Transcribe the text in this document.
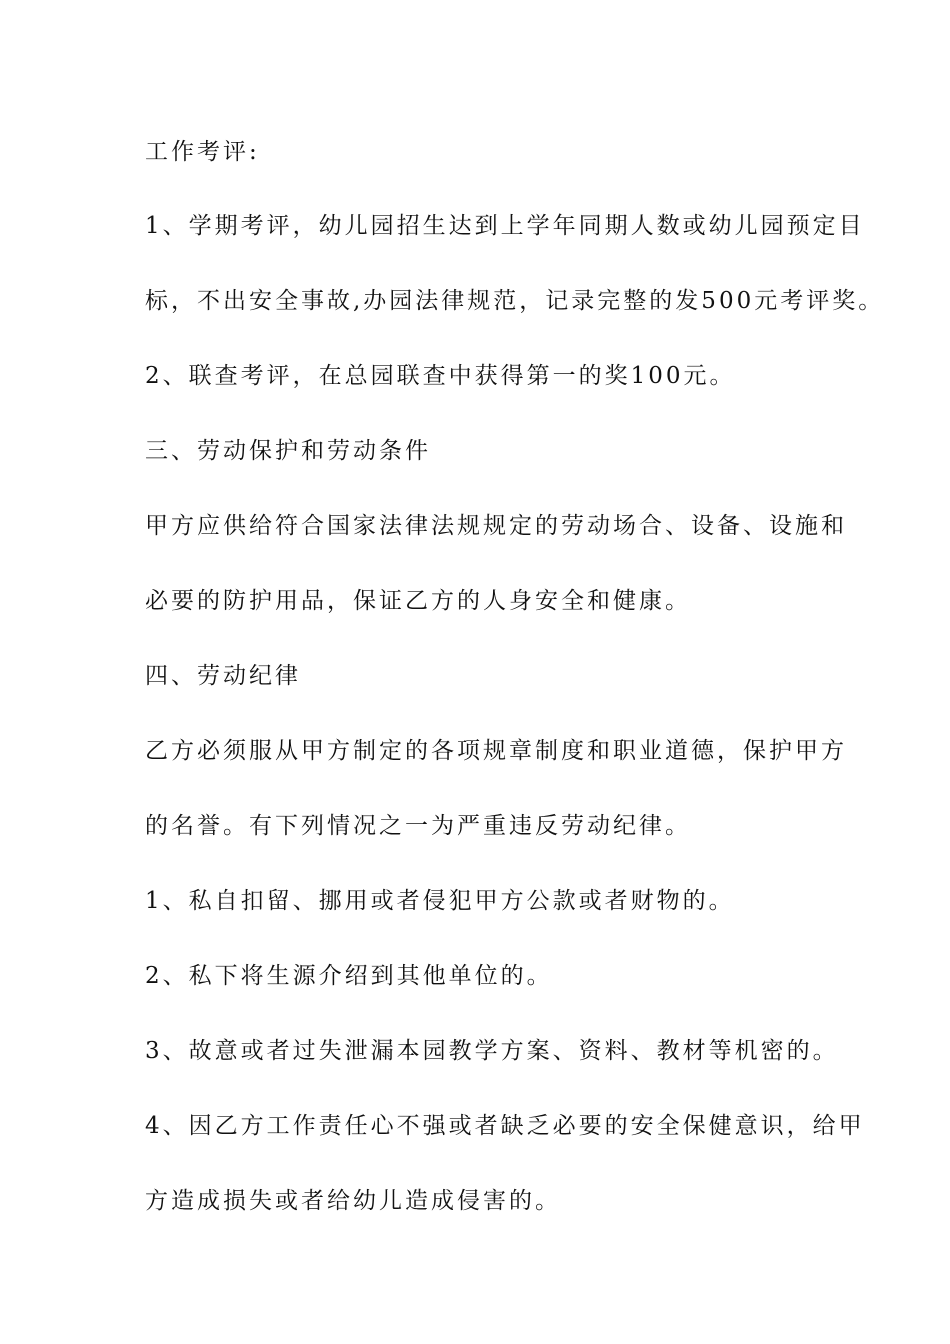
工作考评:

1、学期考评，幼儿园招生达到上学年同期人数或幼儿园预定目

标，不出安全事故,办园法律规范，记录完整的发500元考评奖。

2、联查考评，在总园联查中获得第一的奖100元。

三、劳动保护和劳动条件

甲方应供给符合国家法律法规规定的劳动场合、设备、设施和

必要的防护用品，保证乙方的人身安全和健康。

四、劳动纪律

乙方必须服从甲方制定的各项规章制度和职业道德，保护甲方

的名誉。有下列情况之一为严重违反劳动纪律。

1、私自扣留、挪用或者侵犯甲方公款或者财物的。

2、私下将生源介绍到其他单位的。

3、故意或者过失泄漏本园教学方案、资料、教材等机密的。

4、因乙方工作责任心不强或者缺乏必要的安全保健意识，给甲

方造成损失或者给幼儿造成侵害的。
